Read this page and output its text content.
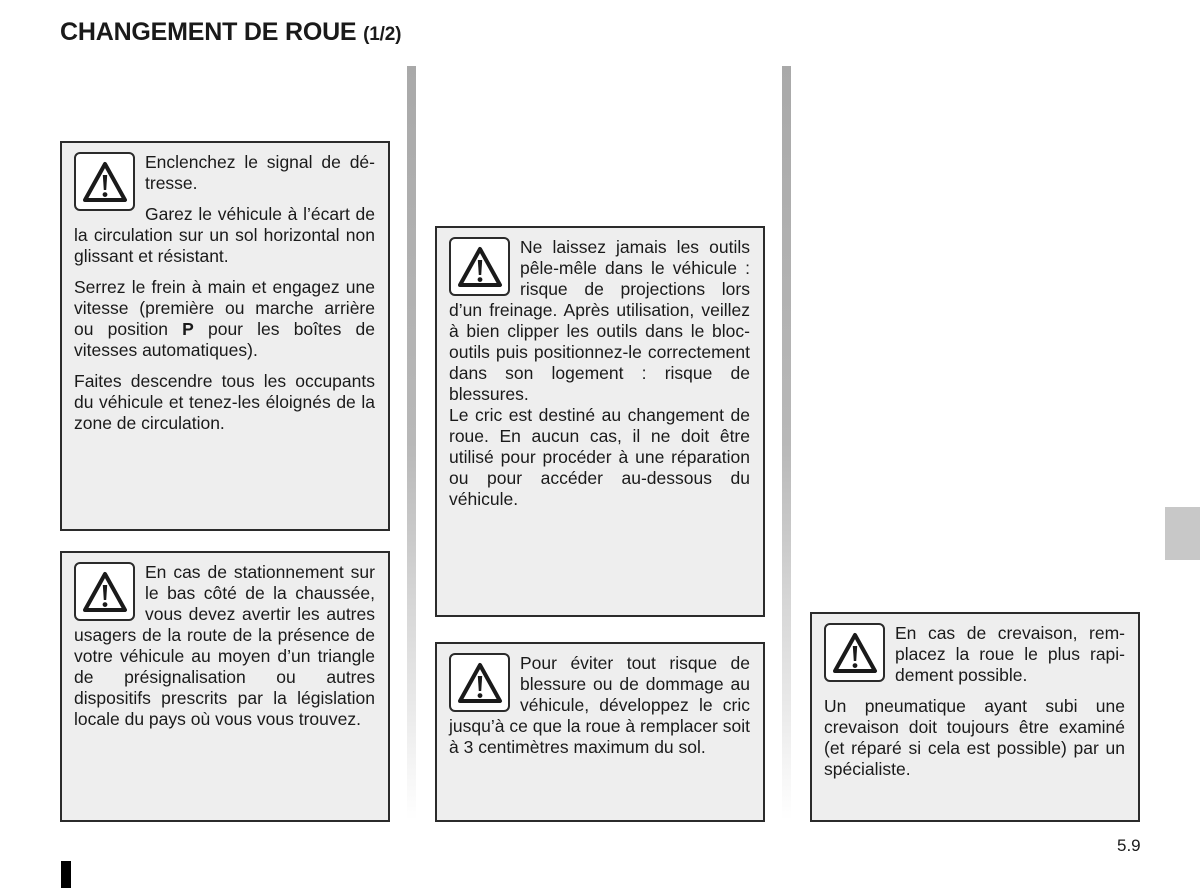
CHANGEMENT DE ROUE (1/2)

Enclenchez le signal de détresse.

Garez le véhicule à l’écart de la circulation sur un sol horizontal non glissant et résistant.

Serrez le frein à main et engagez une vitesse (première ou marche arrière ou position P pour les boîtes de vitesses automatiques).

Faites descendre tous les occupants du véhicule et tenez-les éloignés de la zone de circulation.

En cas de stationnement sur le bas côté de la chaussée, vous devez avertir les autres usagers de la route de la présence de votre véhicule au moyen d’un triangle de présignalisation ou autres dispositifs prescrits par la législation locale du pays où vous vous trouvez.

Ne laissez jamais les outils pêle-mêle dans le véhicule : risque de projections lors d’un freinage. Après utilisation, veillez à bien clipper les outils dans le bloc-outils puis positionnez-le correctement dans son logement : risque de blessures.

Le cric est destiné au changement de roue. En aucun cas, il ne doit être utilisé pour procéder à une réparation ou pour accéder au-dessous du véhicule.

Pour éviter tout risque de blessure ou de dommage au véhicule, développez le cric jusqu’à ce que la roue à remplacer soit à 3 centimètres maximum du sol.

En cas de crevaison, remplacez la roue le plus rapidement possible.

Un pneumatique ayant subi une crevaison doit toujours être examiné (et réparé si cela est possible) par un spécialiste.

5.9
